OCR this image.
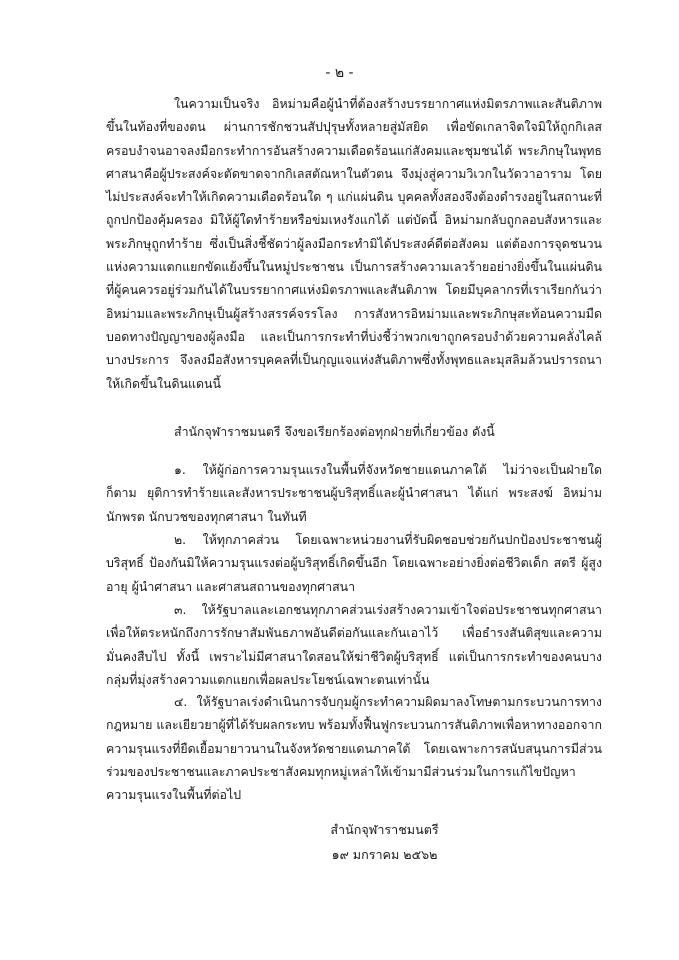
- ๒ -

ในความเป็นจริง อิหม่ามคือผู้นำที่ต้องสร้างบรรยากาศแห่งมิตรภาพและสันติภาพขึ้นในท้องที่ของตน ผ่านการชักชวนสัปปุรุษทั้งหลายสู่มัสยิด เพื่อขัดเกลาจิตใจมิให้ถูกกิเลสครอบงำจนอาจลงมือกระทำการอันสร้างความเดือดร้อนแก่สังคมและชุมชนได้ พระภิกษุในพุทธศาสนาคือผู้ประสงค์จะตัดขาดจากกิเลสตัณหาในตัวตน จึงมุ่งสู่ความวิเวกในวัดวาอาราม โดยไม่ประสงค์จะทำให้เกิดความเดือดร้อนใด ๆ แก่แผ่นดิน บุคคลทั้งสองจึงต้องดำรงอยู่ในสถานะที่ถูกปกป้องคุ้มครอง มิให้ผู้ใดทำร้ายหรือข่มเหงรังแกได้ แต่บัดนี้ อิหม่ามกลับถูกลอบสังหารและพระภิกษุถูกทำร้าย ซึ่งเป็นสิ่งชี้ชัดว่าผู้ลงมือกระทำมิได้ประสงค์ดีต่อสังคม แต่ต้องการจุดชนวนแห่งความแตกแยกขัดแย้งขึ้นในหมู่ประชาชน เป็นการสร้างความเลวร้ายอย่างยิ่งขึ้นในแผ่นดินที่ผู้คนควรอยู่ร่วมกันได้ในบรรยากาศแห่งมิตรภาพและสันติภาพ โดยมีบุคลากรที่เราเรียกกันว่า อิหม่ามและพระภิกษุเป็นผู้สร้างสรรค์จรรโลง การสังหารอิหม่ามและพระภิกษุสะท้อนความมืดบอดทางปัญญาของผู้ลงมือ และเป็นการกระทำที่บ่งชี้ว่าพวกเขาถูกครอบงำด้วยความคลั่งไคล้บางประการ จึงลงมือสังหารบุคคลที่เป็นกุญแจแห่งสันติภาพซึ่งทั้งพุทธและมุสลิมล้วนปรารถนาให้เกิดขึ้นในดินแดนนี้

สำนักจุฬาราชมนตรี จึงขอเรียกร้องต่อทุกฝ่ายที่เกี่ยวข้อง ดังนี้

๑. ให้ผู้ก่อการความรุนแรงในพื้นที่จังหวัดชายแดนภาคใต้ ไม่ว่าจะเป็นฝ่ายใดก็ตาม ยุติการทำร้ายและสังหารประชาชนผู้บริสุทธิ์และผู้นำศาสนา ได้แก่ พระสงฆ์ อิหม่าม นักพรต นักบวชของทุกศาสนา ในทันที
๒. ให้ทุกภาคส่วน โดยเฉพาะหน่วยงานที่รับผิดชอบช่วยกันปกป้องประชาชนผู้บริสุทธิ์ ป้องกันมิให้ความรุนแรงต่อผู้บริสุทธิ์เกิดขึ้นอีก โดยเฉพาะอย่างยิ่งต่อชีวิตเด็ก สตรี ผู้สูงอายุ ผู้นำศาสนา และศาสนสถานของทุกศาสนา
๓. ให้รัฐบาลและเอกชนทุกภาคส่วนเร่งสร้างความเข้าใจต่อประชาชนทุกศาสนา เพื่อให้ตระหนักถึงการรักษาสัมพันธภาพอันดีต่อกันและกันเอาไว้ เพื่อธำรงสันติสุขและความมั่นคงสืบไป ทั้งนี้ เพราะไม่มีศาสนาใดสอนให้ฆ่าชีวิตผู้บริสุทธิ์ แต่เป็นการกระทำของคนบางกลุ่มที่มุ่งสร้างความแตกแยกเพื่อผลประโยชน์เฉพาะตนเท่านั้น
๔. ให้รัฐบาลเร่งดำเนินการจับกุมผู้กระทำความผิดมาลงโทษตามกระบวนการทางกฎหมาย และเยียวยาผู้ที่ได้รับผลกระทบ พร้อมทั้งฟื้นฟูกระบวนการสันติภาพเพื่อหาทางออกจากความรุนแรงที่ยืดเยื้อมายาวนานในจังหวัดชายแดนภาคใต้ โดยเฉพาะการสนับสนุนการมีส่วนร่วมของประชาชนและภาคประชาสังคมทุกหมู่เหล่าให้เข้ามามีส่วนร่วมในการแก้ไขปัญหาความรุนแรงในพื้นที่ต่อไป
สำนักจุฬาราชมนตรี
๑๙ มกราคม ๒๕๖๒
